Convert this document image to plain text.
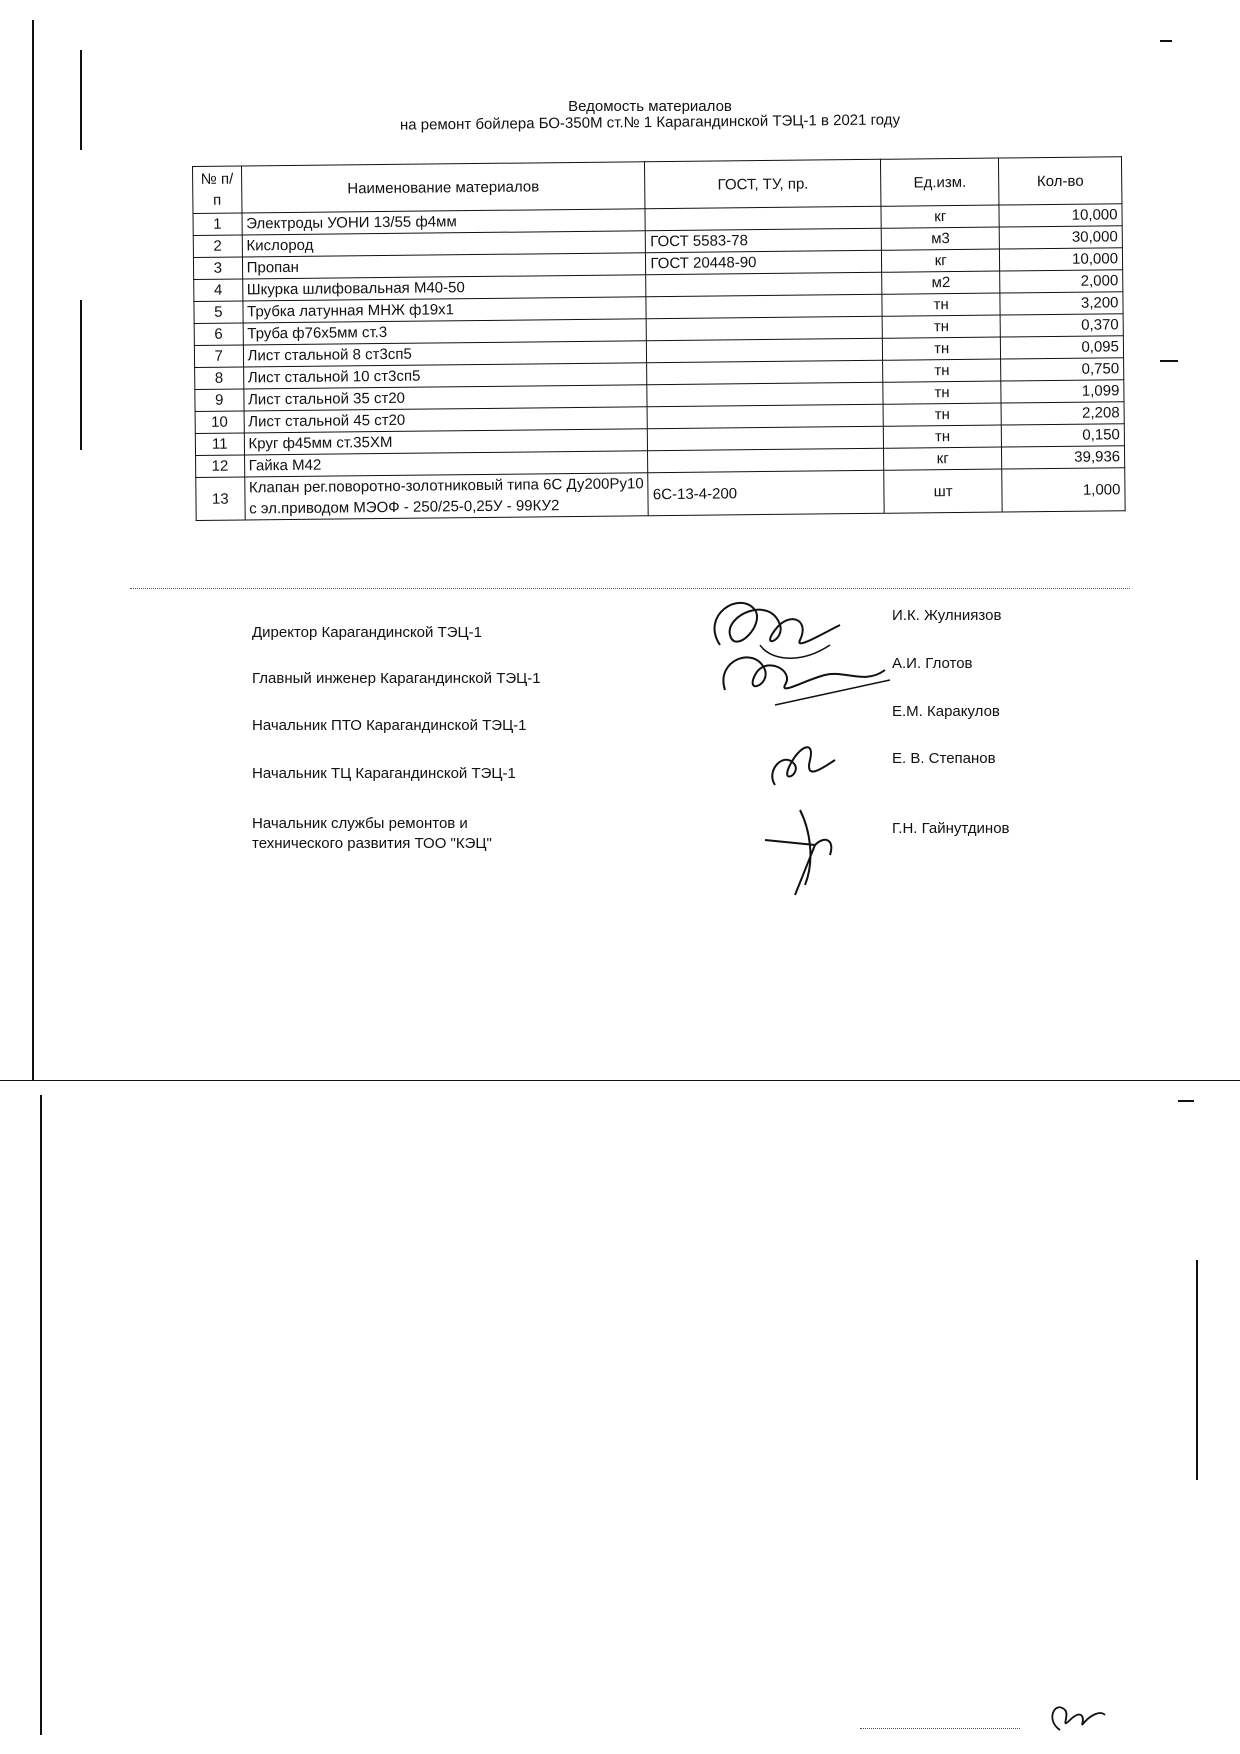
Ведомость материалов
на ремонт бойлера БО-350М ст.№ 1 Карагандинской ТЭЦ-1 в 2021 году
№ п/п	Наименование материалов	ГОСТ, ТУ, пр.	Ед.изм.	Кол-во
1	Электроды УОНИ 13/55 ф4мм		кг	10,000
2	Кислород	ГОСТ 5583-78	м3	30,000
3	Пропан	ГОСТ 20448-90	кг	10,000
4	Шкурка шлифовальная М40-50		м2	2,000
5	Трубка латунная МНЖ ф19х1		тн	3,200
6	Труба ф76х5мм ст.3		тн	0,370
7	Лист стальной 8 ст3сп5		тн	0,095
8	Лист стальной 10 ст3сп5		тн	0,750
9	Лист стальной 35 ст20		тн	1,099
10	Лист стальной 45 ст20		тн	2,208
11	Круг ф45мм ст.35ХМ		тн	0,150
12	Гайка М42		кг	39,936
13	Клапан рег.поворотно-золотниковый типа 6С Ду200Ру10 с эл.приводом МЭОФ - 250/25-0,25У - 99КУ2	6С-13-4-200	шт	1,000
Директор Карагандинской ТЭЦ-1
И.К. Жулниязов
Главный инженер Карагандинской ТЭЦ-1
А.И. Глотов
Начальник ПТО Карагандинской ТЭЦ-1
Е.М. Каракулов
Начальник ТЦ Карагандинской ТЭЦ-1
Е. В. Степанов
Начальник службы ремонтов и
технического развития ТОО "КЭЦ"
Г.Н. Гайнутдинов
